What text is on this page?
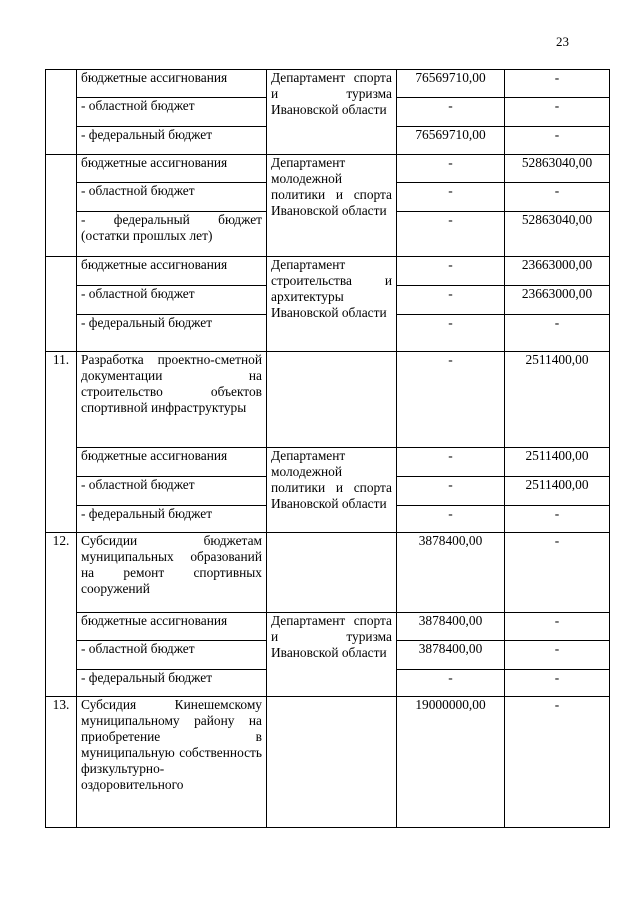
23
	бюджетные ассигнования	Департамент спорта и туризма Ивановской области	76569710,00	-
	- областной бюджет		-	-
	- федеральный бюджет		76569710,00	-
	бюджетные ассигнования	Департамент молодежной политики и спорта Ивановской области	-	52863040,00
	- областной бюджет		-	-
	- федеральный бюджет (остатки прошлых лет)		-	52863040,00
	бюджетные ассигнования	Департамент строительства и архитектуры Ивановской области	-	23663000,00
	- областной бюджет		-	23663000,00
	- федеральный бюджет		-	-
11.	Разработка проектно-сметной документации на строительство объектов спортивной инфраструктуры		-	2511400,00
	бюджетные ассигнования	Департамент молодежной политики и спорта Ивановской области	-	2511400,00
	- областной бюджет		-	2511400,00
	- федеральный бюджет		-	-
12.	Субсидии бюджетам муниципальных образований на ремонт спортивных сооружений		3878400,00	-
	бюджетные ассигнования	Департамент спорта и туризма Ивановской области	3878400,00	-
	- областной бюджет		3878400,00	-
	- федеральный бюджет		-	-
13.	Субсидия Кинешемскому муниципальному району на приобретение в муниципальную собственность физкультурно-оздоровительного		19000000,00	-
